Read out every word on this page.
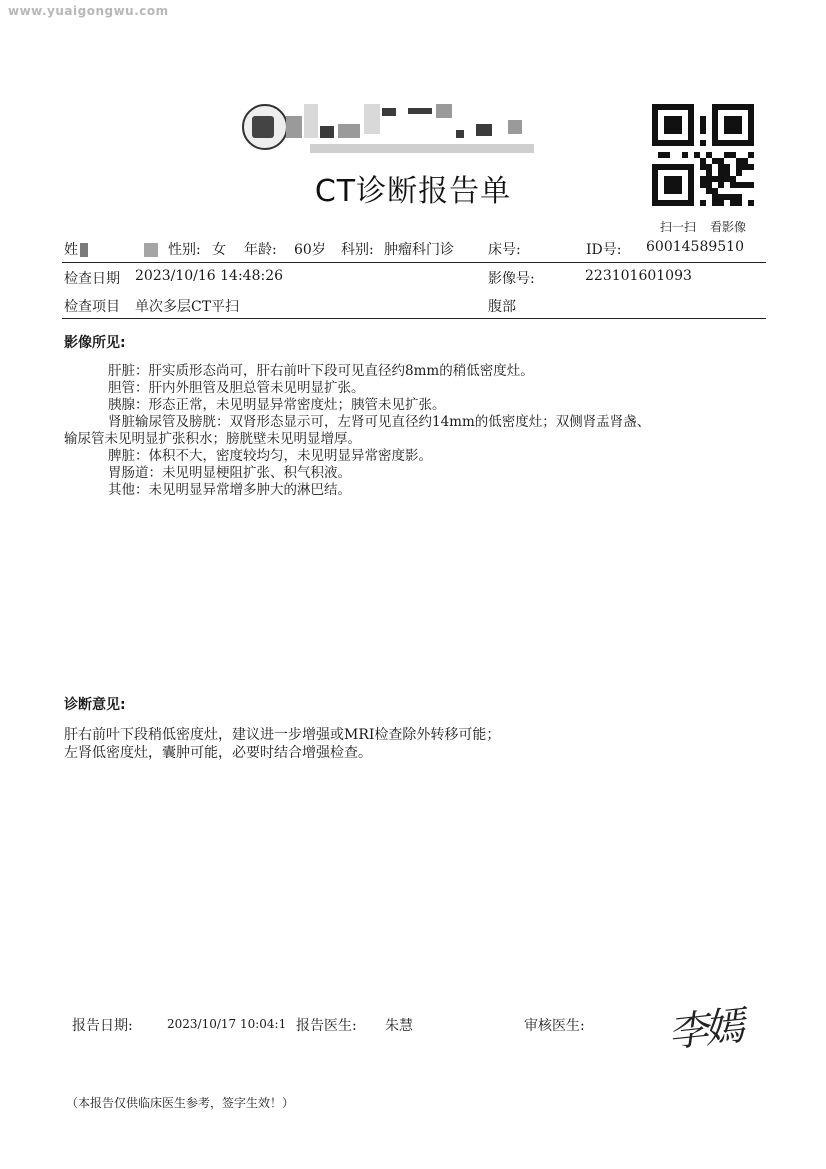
www.yuaigongwu.com
CT诊断报告单
扫一扫 看影像
姓	性别: 女 年龄: 60岁 科别: 肿瘤科门诊 床号:	ID号: 60014589510
检查日期 2023/10/16 14:48:26	影像号:	223101601093
检查项目 单次多层CT平扫	腹部
影像所见:

肝脏：肝实质形态尚可，肝右前叶下段可见直径约8mm的稍低密度灶。

胆管：肝内外胆管及胆总管未见明显扩张。

胰腺：形态正常，未见明显异常密度灶；胰管未见扩张。

肾脏输尿管及膀胱：双肾形态显示可，左肾可见直径约14mm的低密度灶；双侧肾盂肾盏、

输尿管未见明显扩张积水；膀胱壁未见明显增厚。

脾脏：体积不大，密度较均匀，未见明显异常密度影。

胃肠道：未见明显梗阻扩张、积气积液。

其他：未见明显异常增多肿大的淋巴结。

诊断意见:

肝右前叶下段稍低密度灶，建议进一步增强或MRI检查除外转移可能；

左肾低密度灶，囊肿可能，必要时结合增强检查。

报告日期:	2023/10/17 10:04:1 报告医生: 朱慧	审核医生: 李嫣
（本报告仅供临床医生参考，签字生效！）
